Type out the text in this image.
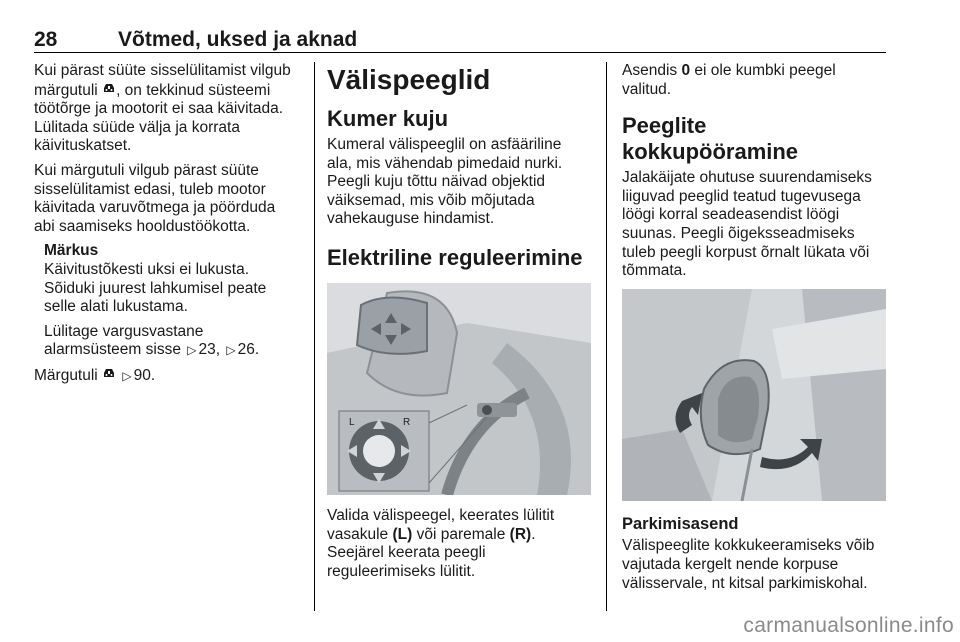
28	Võtmed, uksed ja aknad
Kui pärast süüte sisselülitamist vilgub
märgutuli , on tekkinud süsteemi
töötõrge ja mootorit ei saa käivitada.
Lülitada süüde välja ja korrata
käivituskatset.
Kui märgutuli vilgub pärast süüte
sisselülitamist edasi, tuleb mootor
käivitada varuvõtmega ja pöörduda
abi saamiseks hooldustöökotta.
Märkus
Käivitustõkesti uksi ei lukusta.
Sõiduki juurest lahkumisel peate
selle alati lukustama.
Lülitage vargusvastane
alarmsüsteem sisse ▷ 23, ▷ 26.
Märgutuli ▷ 90.
Välispeeglid
Kumer kuju
Kumeral välispeeglil on asfääriline
ala, mis vähendab pimedaid nurki.
Peegli kuju tõttu näivad objektid
väiksemad, mis võib mõjutada
vahekauguse hindamist.
Elektriline reguleerimine
L	R
Valida välispeegel, keerates lülitit
vasakule (L) või paremale (R).
Seejärel keerata peegli
reguleerimiseks lülitit.
Asendis 0 ei ole kumbki peegel
valitud.
Peeglite kokkupööramine
Jalakäijate ohutuse suurendamiseks
liiguvad peeglid teatud tugevusega
löögi korral seadeasendist löögi
suunas. Peegli õigeksseadmiseks
tuleb peegli korpust õrnalt lükata või
tõmmata.
Parkimisasend
Välispeeglite kokkukeeramiseks võib
vajutada kergelt nende korpuse
välisservale, nt kitsal parkimiskohal.
carmanualsonline.info
